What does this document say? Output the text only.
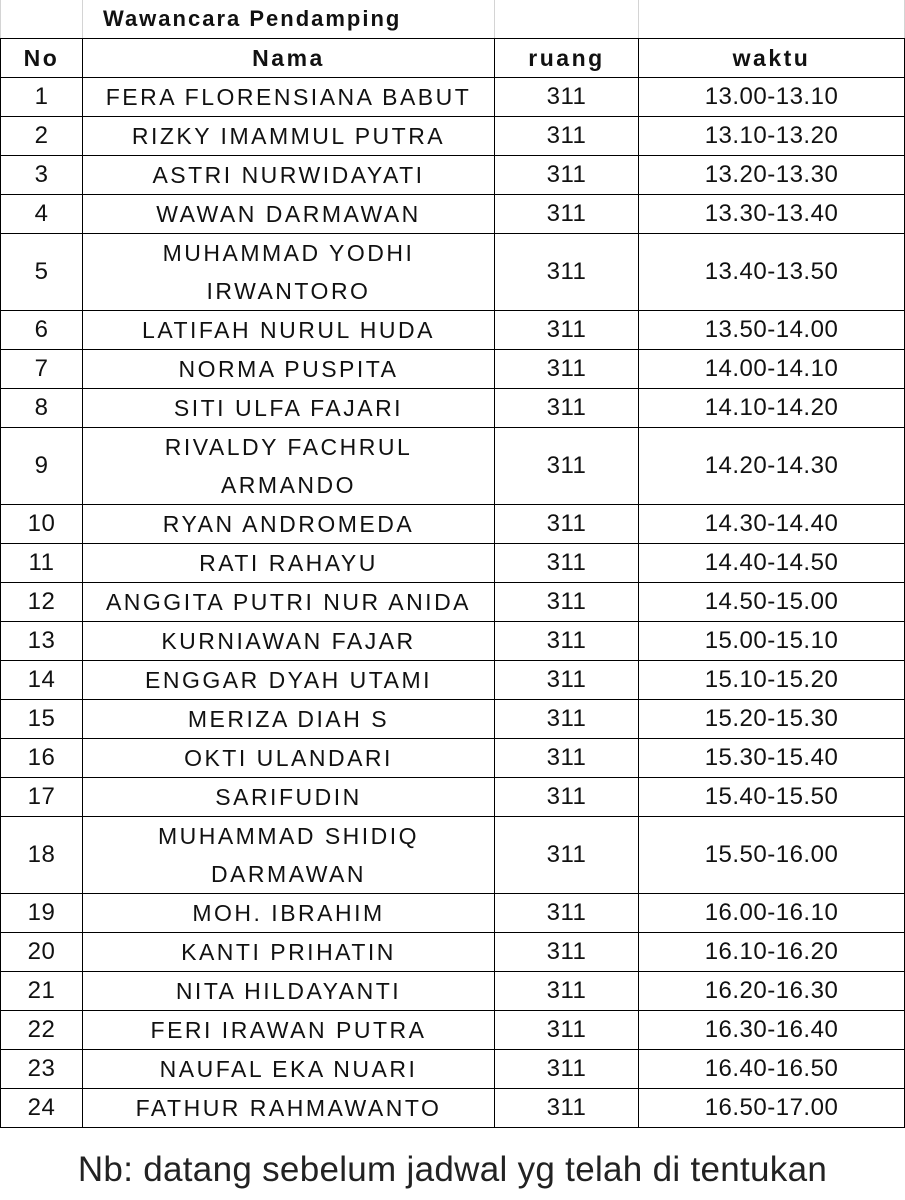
	Wawancara Pendamping		
No	Nama	ruang	waktu
1	FERA FLORENSIANA BABUT	311	13.00-13.10
2	RIZKY IMAMMUL PUTRA	311	13.10-13.20
3	ASTRI NURWIDAYATI	311	13.20-13.30
4	WAWAN DARMAWAN	311	13.30-13.40
5	MUHAMMAD YODHI IRWANTORO	311	13.40-13.50
6	LATIFAH NURUL HUDA	311	13.50-14.00
7	NORMA PUSPITA	311	14.00-14.10
8	SITI ULFA FAJARI	311	14.10-14.20
9	RIVALDY FACHRUL ARMANDO	311	14.20-14.30
10	RYAN ANDROMEDA	311	14.30-14.40
11	RATI RAHAYU	311	14.40-14.50
12	ANGGITA PUTRI NUR ANIDA	311	14.50-15.00
13	KURNIAWAN FAJAR	311	15.00-15.10
14	ENGGAR DYAH UTAMI	311	15.10-15.20
15	MERIZA DIAH S	311	15.20-15.30
16	OKTI ULANDARI	311	15.30-15.40
17	SARIFUDIN	311	15.40-15.50
18	MUHAMMAD SHIDIQ DARMAWAN	311	15.50-16.00
19	MOH. IBRAHIM	311	16.00-16.10
20	KANTI PRIHATIN	311	16.10-16.20
21	NITA HILDAYANTI	311	16.20-16.30
22	FERI IRAWAN PUTRA	311	16.30-16.40
23	NAUFAL EKA NUARI	311	16.40-16.50
24	FATHUR RAHMAWANTO	311	16.50-17.00
Nb: datang sebelum jadwal yg telah di tentukan
